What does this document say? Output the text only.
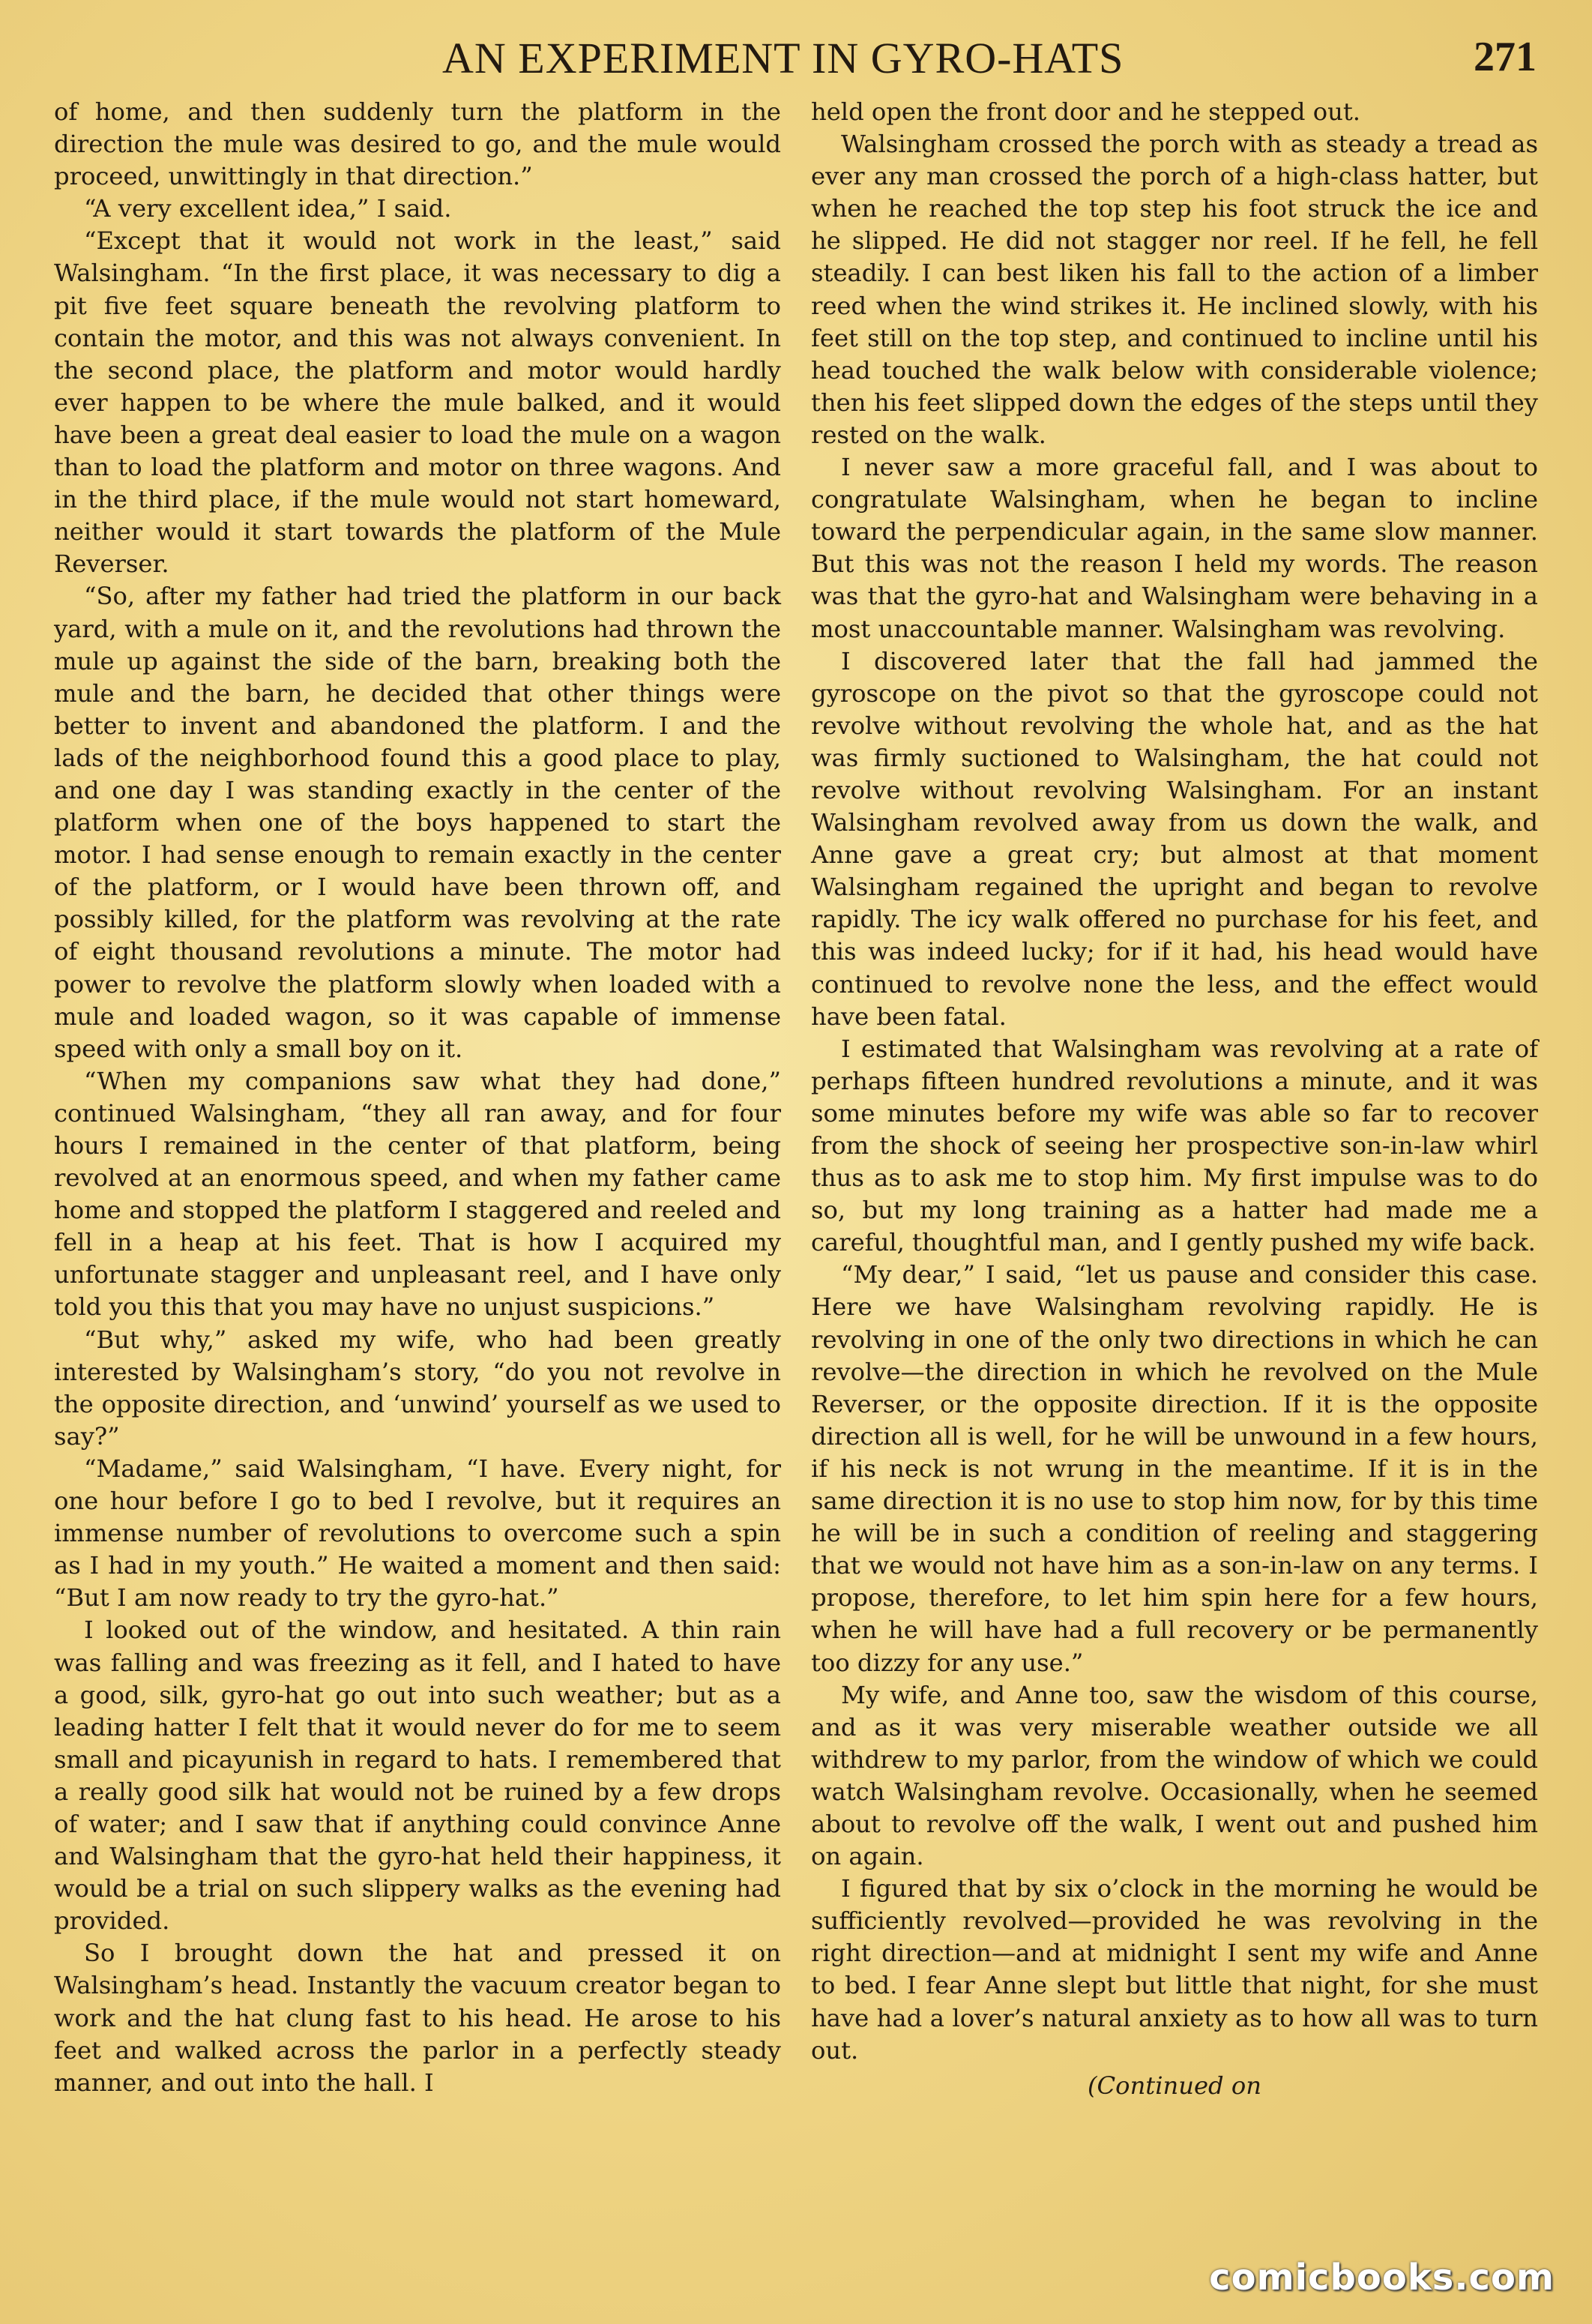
AN EXPERIMENT IN GYRO-HATS	271

of home, and then suddenly turn the platform in the direction the mule was desired to go, and the mule would proceed, unwittingly in that direction.”

“A very excellent idea,” I said.

“Except that it would not work in the least,” said Walsingham. “In the first place, it was necessary to dig a pit five feet square beneath the revolving platform to contain the motor, and this was not always convenient. In the second place, the platform and motor would hardly ever happen to be where the mule balked, and it would have been a great deal easier to load the mule on a wagon than to load the platform and motor on three wagons. And in the third place, if the mule would not start homeward, neither would it start towards the platform of the Mule Reverser.

“So, after my father had tried the platform in our back yard, with a mule on it, and the revolutions had thrown the mule up against the side of the barn, breaking both the mule and the barn, he decided that other things were better to invent and abandoned the platform. I and the lads of the neighborhood found this a good place to play, and one day I was standing exactly in the center of the platform when one of the boys happened to start the motor. I had sense enough to remain exactly in the center of the platform, or I would have been thrown off, and possibly killed, for the platform was revolving at the rate of eight thousand revolutions a minute. The motor had power to revolve the platform slowly when loaded with a mule and loaded wagon, so it was capable of immense speed with only a small boy on it.

“When my companions saw what they had done,” continued Walsingham, “they all ran away, and for four hours I remained in the center of that platform, being revolved at an enormous speed, and when my father came home and stopped the platform I staggered and reeled and fell in a heap at his feet. That is how I acquired my unfortunate stagger and unpleasant reel, and I have only told you this that you may have no unjust suspicions.”

“But why,” asked my wife, who had been greatly interested by Walsingham’s story, “do you not revolve in the opposite direction, and ‘unwind’ yourself as we used to say?”

“Madame,” said Walsingham, “I have. Every night, for one hour before I go to bed I revolve, but it requires an immense number of revolutions to overcome such a spin as I had in my youth.” He waited a moment and then said: “But I am now ready to try the gyro-hat.”

I looked out of the window, and hesitated. A thin rain was falling and was freezing as it fell, and I hated to have a good, silk, gyro-hat go out into such weather; but as a leading hatter I felt that it would never do for me to seem small and picayunish in regard to hats. I remembered that a really good silk hat would not be ruined by a few drops of water; and I saw that if anything could convince Anne and Walsingham that the gyro-hat held their happiness, it would be a trial on such slippery walks as the evening had provided.

So I brought down the hat and pressed it on Walsingham’s head. Instantly the vacuum creator began to work and the hat clung fast to his head. He arose to his feet and walked across the parlor in a perfectly steady manner, and out into the hall. I

held open the front door and he stepped out.

Walsingham crossed the porch with as steady a tread as ever any man crossed the porch of a high-class hatter, but when he reached the top step his foot struck the ice and he slipped. He did not stagger nor reel. If he fell, he fell steadily. I can best liken his fall to the action of a limber reed when the wind strikes it. He inclined slowly, with his feet still on the top step, and continued to incline until his head touched the walk below with considerable violence; then his feet slipped down the edges of the steps until they rested on the walk.

I never saw a more graceful fall, and I was about to congratulate Walsingham, when he began to incline toward the perpendicular again, in the same slow manner. But this was not the reason I held my words. The reason was that the gyro-hat and Walsingham were behaving in a most unaccountable manner. Walsingham was revolving.

I discovered later that the fall had jammed the gyroscope on the pivot so that the gyroscope could not revolve without revolving the whole hat, and as the hat was firmly suctioned to Walsingham, the hat could not revolve without revolving Walsingham. For an instant Walsingham revolved away from us down the walk, and Anne gave a great cry; but almost at that moment Walsingham regained the upright and began to revolve rapidly. The icy walk offered no purchase for his feet, and this was indeed lucky; for if it had, his head would have continued to revolve none the less, and the effect would have been fatal.

I estimated that Walsingham was revolving at a rate of perhaps fifteen hundred revolutions a minute, and it was some minutes before my wife was able so far to recover from the shock of seeing her prospective son-in-law whirl thus as to ask me to stop him. My first impulse was to do so, but my long training as a hatter had made me a careful, thoughtful man, and I gently pushed my wife back.

“My dear,” I said, “let us pause and consider this case. Here we have Walsingham revolving rapidly. He is revolving in one of the only two directions in which he can revolve—the direction in which he revolved on the Mule Reverser, or the opposite direction. If it is the opposite direction all is well, for he will be unwound in a few hours, if his neck is not wrung in the meantime. If it is in the same direction it is no use to stop him now, for by this time he will be in such a condition of reeling and staggering that we would not have him as a son-in-law on any terms. I propose, therefore, to let him spin here for a few hours, when he will have had a full recovery or be permanently too dizzy for any use.”

My wife, and Anne too, saw the wisdom of this course, and as it was very miserable weather outside we all withdrew to my parlor, from the window of which we could watch Walsingham revolve. Occasionally, when he seemed about to revolve off the walk, I went out and pushed him on again.

I figured that by six o’clock in the morning he would be sufficiently revolved—provided he was revolving in the right direction—and at midnight I sent my wife and Anne to bed. I fear Anne slept but little that night, for she must have had a lover’s natural anxiety as to how all was to turn out.

(Continued on
comicbooks.com
